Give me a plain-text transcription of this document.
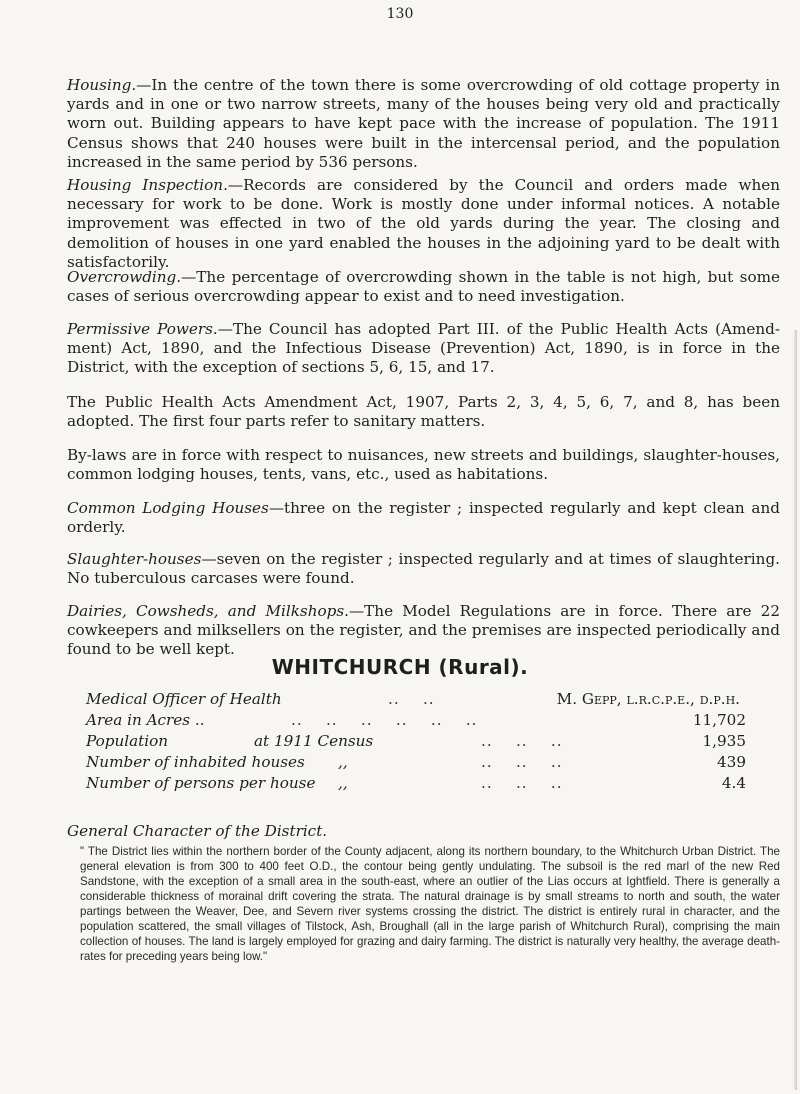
130

Housing.—In the centre of the town there is some overcrowding of old cottage property in yards and in one or two narrow streets, many of the houses being very old and practically worn out. Building appears to have kept pace with the increase of population. The 1911 Census shows that 240 houses were built in the intercensal period, and the population increased in the same period by 536 persons.

Housing Inspection.—Records are considered by the Council and orders made when necessary for work to be done. Work is mostly done under informal notices. A notable improvement was effected in two of the old yards during the year. The closing and demolition of houses in one yard enabled the houses in the adjoining yard to be dealt with satisfactorily.

Overcrowding.—The percentage of overcrowding shown in the table is not high, but some cases of serious overcrowding appear to exist and to need investigation.

Permissive Powers.—The Council has adopted Part III. of the Public Health Acts (Amendment) Act, 1890, and the Infectious Disease (Prevention) Act, 1890, is in force in the District, with the exception of sections 5, 6, 15, and 17.

The Public Health Acts Amendment Act, 1907, Parts 2, 3, 4, 5, 6, 7, and 8, has been adopted. The first four parts refer to sanitary matters.

By-laws are in force with respect to nuisances, new streets and buildings, slaughter-houses, common lodging houses, tents, vans, etc., used as habitations.

Common Lodging Houses—three on the register ; inspected regularly and kept clean and orderly.

Slaughter-houses—seven on the register ; inspected regularly and at times of slaughtering. No tuberculous carcases were found.

Dairies, Cowsheds, and Milkshops.—The Model Regulations are in force. There are 22 cowkeepers and milksellers on the register, and the premises are inspected periodically and found to be well kept.

WHITCHURCH (Rural).
Medical Officer of Health	..    ..	M. Gepp, l.r.c.p.e., d.p.h.
Area in Acres ..	..    ..    ..    ..    ..    ..	11,702
Population	at 1911 Census	..    ..    ..	1,935
Number of inhabited houses ,,	..    ..    ..	439
Number of persons per house ,,	..    ..    ..	4.4
General Character of the District.
" The District lies within the northern border of the County adjacent, along its northern boundary, to the Whitchurch Urban District. The general elevation is from 300 to 400 feet O.D., the contour being gently undulating. The subsoil is the red marl of the new Red Sandstone, with the exception of a small area in the south-east, where an outlier of the Lias occurs at Ightfield. There is generally a considerable thickness of morainal drift covering the strata. The natural drainage is by small streams to north and south, the water partings between the Weaver, Dee, and Severn river systems crossing the district. The district is entirely rural in character, and the population scattered, the small villages of Tilstock, Ash, Broughall (all in the large parish of Whitchurch Rural), comprising the main collection of houses. The land is largely employed for grazing and dairy farming. The district is naturally very healthy, the average death-rates for preceding years being low."
